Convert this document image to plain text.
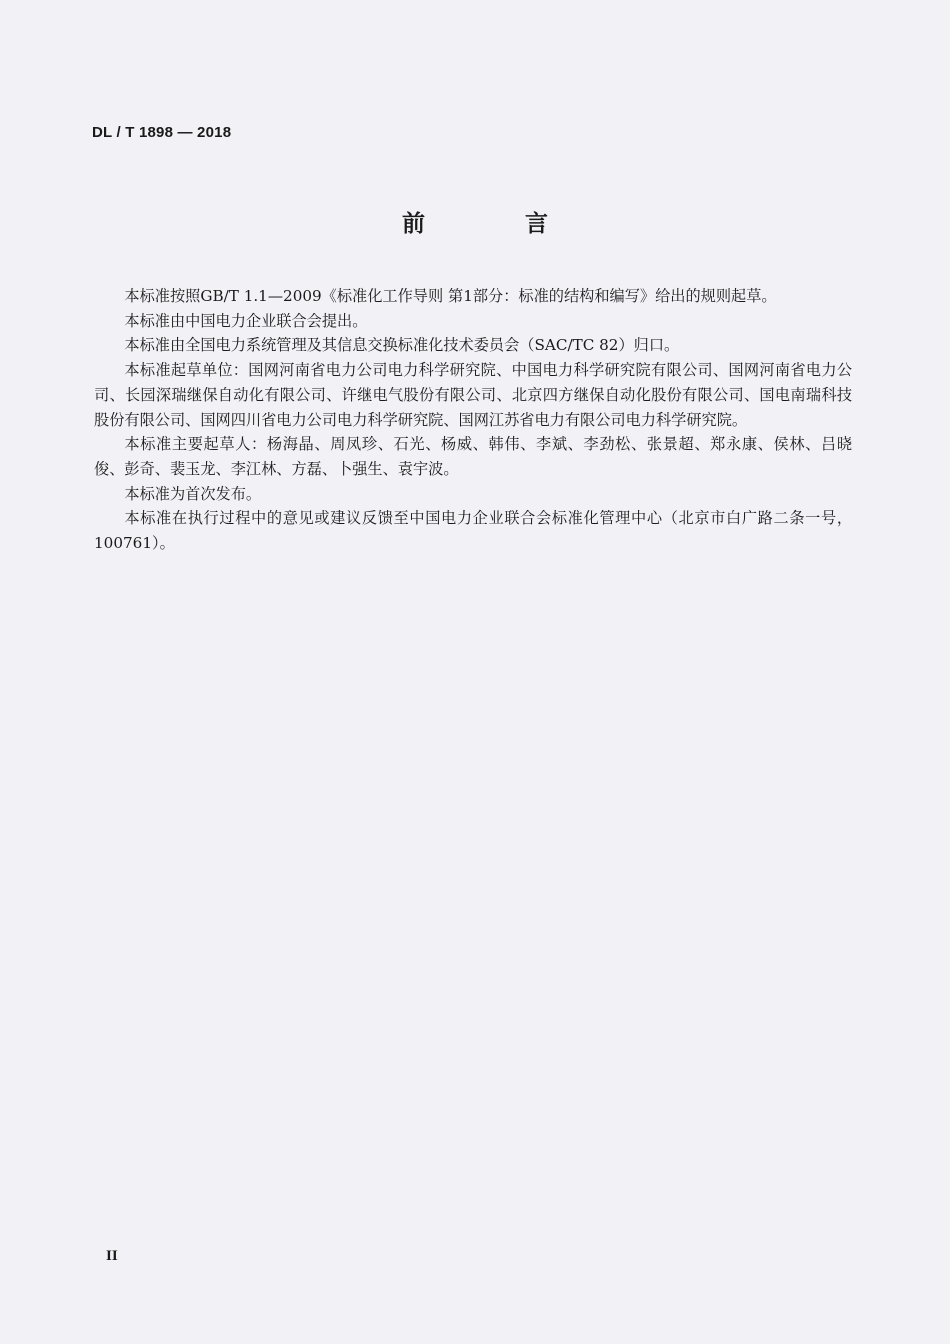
DL / T 1898 — 2018
前 言

本标准按照GB/T 1.1—2009《标准化工作导则 第1部分：标准的结构和编写》给出的规则起草。

本标准由中国电力企业联合会提出。

本标准由全国电力系统管理及其信息交换标准化技术委员会（SAC/TC 82）归口。

本标准起草单位：国网河南省电力公司电力科学研究院、中国电力科学研究院有限公司、国网河南省电力公司、长园深瑞继保自动化有限公司、许继电气股份有限公司、北京四方继保自动化股份有限公司、国电南瑞科技股份有限公司、国网四川省电力公司电力科学研究院、国网江苏省电力有限公司电力科学研究院。

本标准主要起草人：杨海晶、周凤珍、石光、杨威、韩伟、李斌、李劲松、张景超、郑永康、侯林、吕晓俊、彭奇、裴玉龙、李江林、方磊、卜强生、袁宇波。

本标准为首次发布。

本标准在执行过程中的意见或建议反馈至中国电力企业联合会标准化管理中心（北京市白广路二条一号，100761）。

II
